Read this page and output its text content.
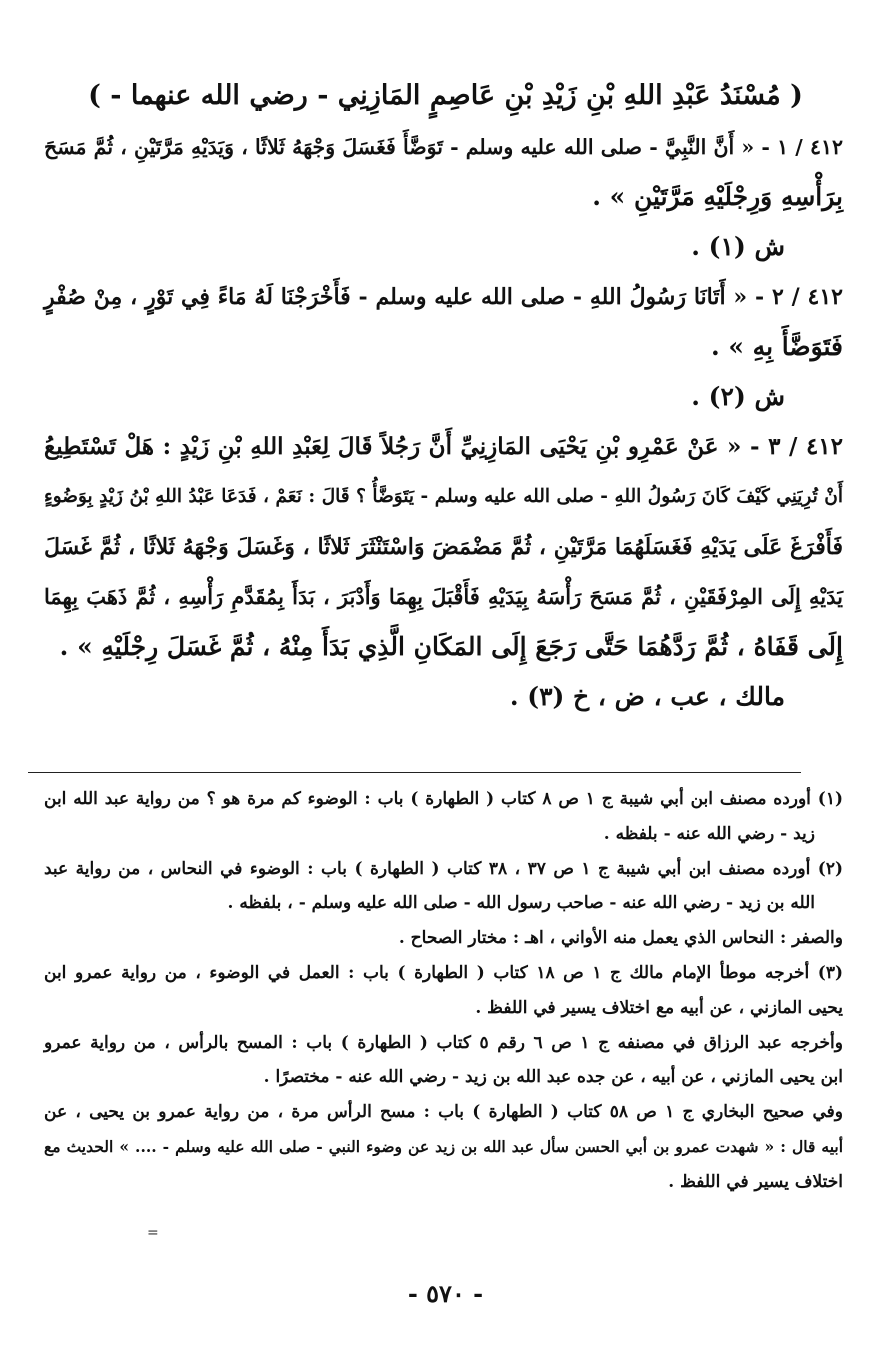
( مُسْنَدُ عَبْدِ اللهِ بْنِ زَيْدِ بْنِ عَاصِمٍ المَازِنِي - رضي الله عنهما - )
٤١٢ / ١ - « أَنَّ النَّبِيَّ - صلى الله عليه وسلم - تَوَضَّأَ فَغَسَلَ وَجْهَهُ ثَلاثًا ، وَيَدَيْهِ مَرَّتَيْنِ ، ثُمَّ مَسَحَ
بِرَأْسِهِ وَرِجْلَيْهِ مَرَّتَيْنِ » .
ش (١) .
٤١٢ / ٢ - « أَتَانَا رَسُولُ اللهِ - صلى الله عليه وسلم - فَأَخْرَجْنَا لَهُ مَاءً فِي تَوْرٍ ، مِنْ صُفْرٍ
فَتَوَضَّأَ بِهِ » .
ش (٢) .
٤١٢ / ٣ - « عَنْ عَمْرِو بْنِ يَحْيَى المَازِنِيِّ أَنَّ رَجُلاً قَالَ لِعَبْدِ اللهِ بْنِ زَيْدٍ : هَلْ تَسْتَطِيعُ
أَنْ تُرِيَنِي كَيْفَ كَانَ رَسُولُ اللهِ - صلى الله عليه وسلم - يَتَوَضَّأُ ؟ قَالَ : نَعَمْ ، فَدَعَا عَبْدُ اللهِ بْنُ زَيْدٍ بِوَضُوءٍ
فَأَفْرَغَ عَلَى يَدَيْهِ فَغَسَلَهُمَا مَرَّتَيْنِ ، ثُمَّ مَضْمَضَ وَاسْتَنْثَرَ ثَلاثًا ، وَغَسَلَ وَجْهَهُ ثَلاثًا ، ثُمَّ غَسَلَ
يَدَيْهِ إِلَى المِرْفَقَيْنِ ، ثُمَّ مَسَحَ رَأْسَهُ بِيَدَيْهِ فَأَقْبَلَ بِهِمَا وَأَدْبَرَ ، بَدَأَ بِمُقَدَّمِ رَأْسِهِ ، ثُمَّ ذَهَبَ بِهِمَا
إِلَى قَفَاهُ ، ثُمَّ رَدَّهُمَا حَتَّى رَجَعَ إِلَى المَكَانِ الَّذِي بَدَأَ مِنْهُ ، ثُمَّ غَسَلَ رِجْلَيْهِ » .
مالك ، عب ، ض ، خ (٣) .
(١) أورده مصنف ابن أبي شيبة ج ١ ص ٨ كتاب ( الطهارة ) باب : الوضوء كم مرة هو ؟ من رواية عبد الله ابن
زيد - رضي الله عنه - بلفظه .
(٢) أورده مصنف ابن أبي شيبة ج ١ ص ٣٧ ، ٣٨ كتاب ( الطهارة ) باب : الوضوء في النحاس ، من رواية عبد
الله بن زيد - رضي الله عنه - صاحب رسول الله - صلى الله عليه وسلم - ، بلفظه .
والصفر : النحاس الذي يعمل منه الأواني ، اهـ : مختار الصحاح .
(٣) أخرجه موطأ الإمام مالك ج ١ ص ١٨ كتاب ( الطهارة ) باب : العمل في الوضوء ، من رواية عمرو ابن
يحيى المازني ، عن أبيه مع اختلاف يسير في اللفظ .
وأخرجه عبد الرزاق في مصنفه ج ١ ص ٦ رقم ٥ كتاب ( الطهارة ) باب : المسح بالرأس ، من رواية عمرو
ابن يحيى المازني ، عن أبيه ، عن جده عبد الله بن زيد - رضي الله عنه - مختصرًا .
وفي صحيح البخاري ج ١ ص ٥٨ كتاب ( الطهارة ) باب : مسح الرأس مرة ، من رواية عمرو بن يحيى ، عن
أبيه قال : « شهدت عمرو بن أبي الحسن سأل عبد الله بن زيد عن وضوء النبي - صلى الله عليه وسلم - .... » الحديث مع
اختلاف يسير في اللفظ .
=
- ٥٧٠ -
